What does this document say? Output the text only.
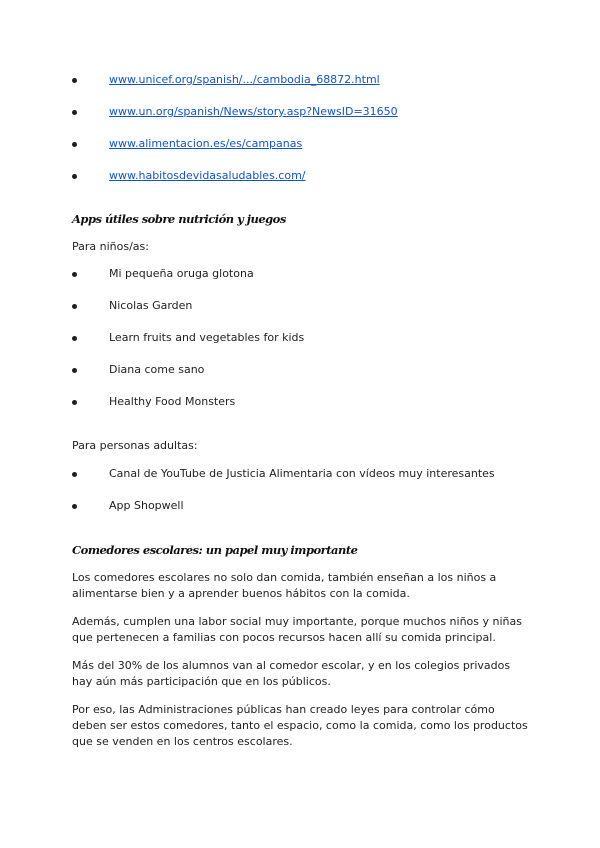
www.unicef.org/spanish/.../cambodia_68872.html
www.un.org/spanish/News/story.asp?NewsID=31650
www.alimentacion.es/es/campanas
www.habitosdevidasaludables.com/
Apps útiles sobre nutrición y juegos

Para niños/as:

Mi pequeña oruga glotona
Nicolas Garden
Learn fruits and vegetables for kids
Diana come sano
Healthy Food Monsters

Para personas adultas:

Canal de YouTube de Justicia Alimentaria con vídeos muy interesantes
App Shopwell
Comedores escolares: un papel muy importante

Los comedores escolares no solo dan comida, también enseñan a los niños a alimentarse bien y a aprender buenos hábitos con la comida.

Además, cumplen una labor social muy importante, porque muchos niños y niñas que pertenecen a familias con pocos recursos hacen allí su comida principal.

Más del 30% de los alumnos van al comedor escolar, y en los colegios privados hay aún más participación que en los públicos.

Por eso, las Administraciones públicas han creado leyes para controlar cómo deben ser estos comedores, tanto el espacio, como la comida, como los productos que se venden en los centros escolares.
